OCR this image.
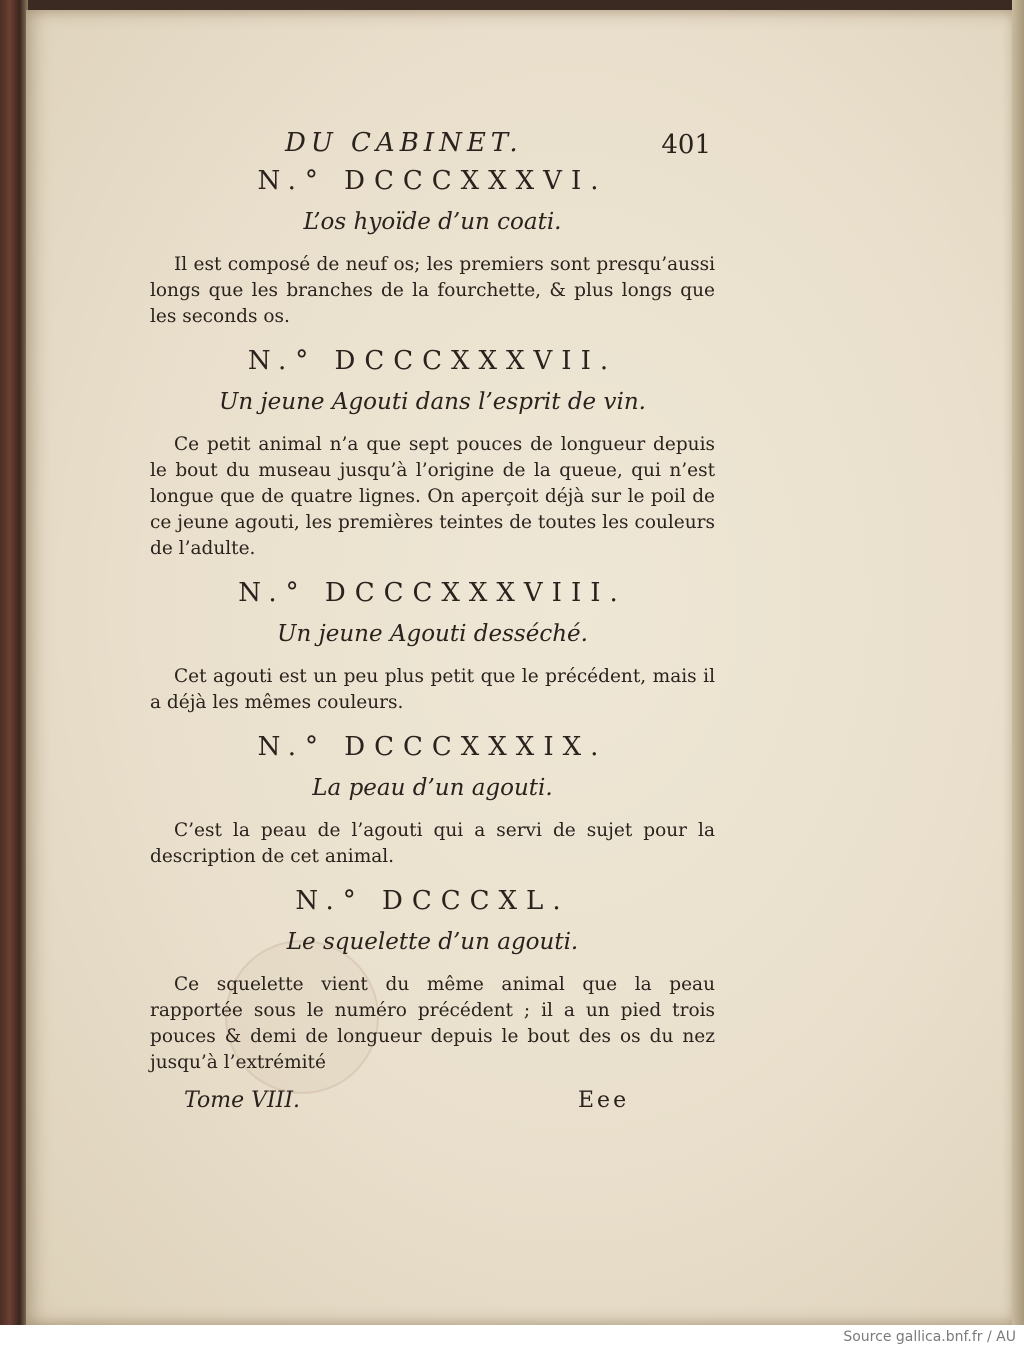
DU CABINET.	401
N.° DCCCXXXVI.
L’os hyoïde d’un coati.

Il est composé de neuf os; les premiers sont presqu’aussi longs que les branches de la fourchette, & plus longs que les seconds os.

N.° DCCCXXXVII.
Un jeune Agouti dans l’esprit de vin.

Ce petit animal n’a que sept pouces de longueur depuis le bout du museau jusqu’à l’origine de la queue, qui n’est longue que de quatre lignes. On aperçoit déjà sur le poil de ce jeune agouti, les premières teintes de toutes les couleurs de l’adulte.

N.° DCCCXXXVIII.
Un jeune Agouti desséché.

Cet agouti est un peu plus petit que le précédent, mais il a déjà les mêmes couleurs.

N.° DCCCXXXIX.
La peau d’un agouti.

C’est la peau de l’agouti qui a servi de sujet pour la description de cet animal.

N.° DCCCXL.
Le squelette d’un agouti.

Ce squelette vient du même animal que la peau rapportée sous le numéro précédent ; il a un pied trois pouces & demi de longueur depuis le bout des os du nez jusqu’à l’extrémité

Tome VIII.	Eee
Source gallica.bnf.fr / AU
